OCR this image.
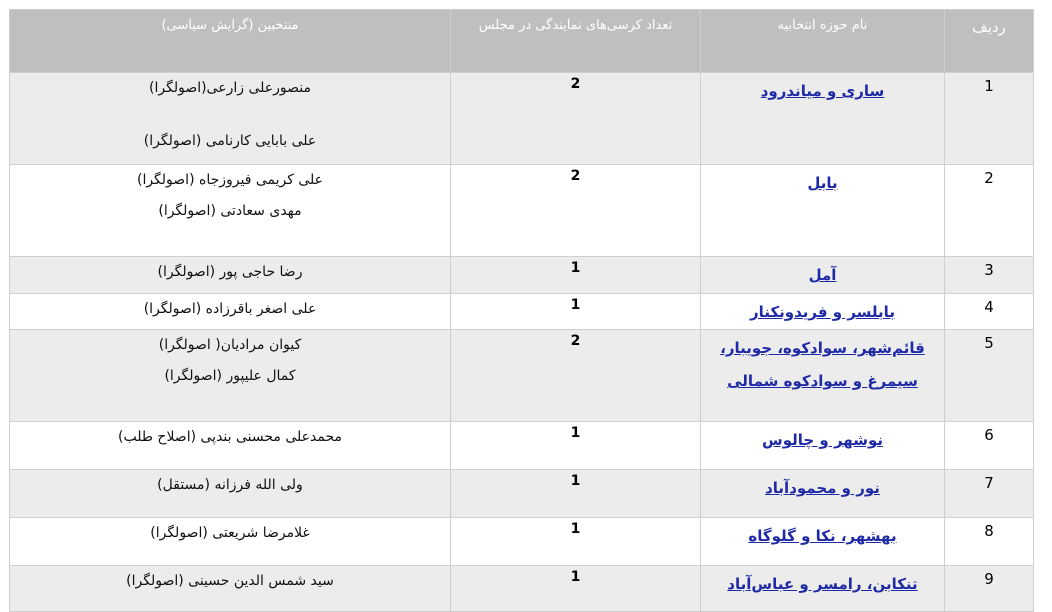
ردیف	نام حوزه انتخابیه	تعداد کرسی‌های نمایندگی در مجلس	منتخبین (گرایش سیاسی)
1	ساری و میاندرود	2	منصورعلی زارعی(اصولگرا)
علی بابایی کارنامی (اصولگرا)

2	بابل	2	علی کریمی فیروزجاه (اصولگرا)
مهدی سعادتی (اصولگرا)

3	آمل	1	رضا حاجی پور (اصولگرا)

4	بابلسر و فریدونکنار	1	علی اصغر باقرزاده (اصولگرا)

5	قائم‌شهر، سوادکوه، جویبار،
سیمرغ و سوادکوه شمالی	2	کیوان مرادیان( اصولگرا)
کمال علیپور (اصولگرا)

6	نوشهر و چالوس	1	محمدعلی محسنی بندپی (اصلاح طلب)

7	نور و محمودآباد	1	ولی الله فرزانه (مستقل)

8	بهشهر، نکا و گلوگاه	1	غلامرضا شریعتی (اصولگرا)

9	تنکابن، رامسر و عباس‌آباد	1	سید شمس الدین حسینی (اصولگرا)
